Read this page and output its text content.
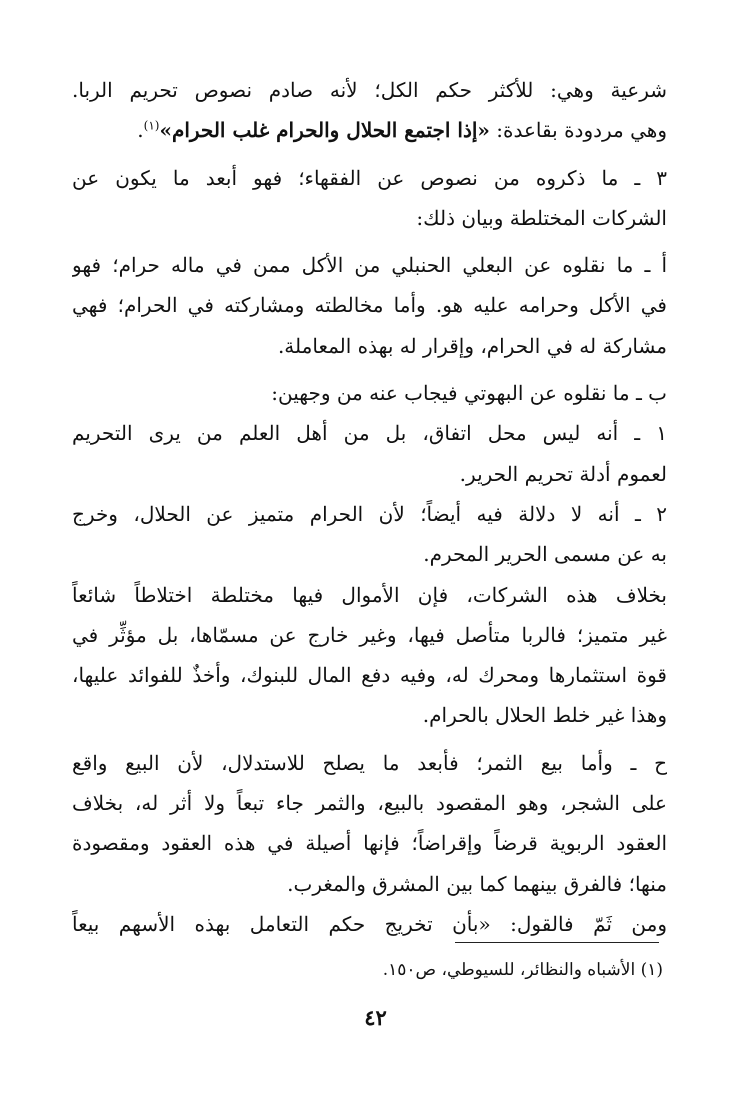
شرعية وهي: للأكثر حكم الكل؛ لأنه صادم نصوص تحريم الربا.
وهي مردودة بقاعدة: «إذا اجتمع الحلال والحرام غلب الحرام»$^{(١)}$.
٣ ـ ما ذكروه من نصوص عن الفقهاء؛ فهو أبعد ما يكون عن
الشركات المختلطة وبيان ذلك:
أ ـ ما نقلوه عن البعلي الحنبلي من الأكل ممن في ماله حرام؛ فهو
في الأكل وحرامه عليه هو. وأما مخالطته ومشاركته في الحرام؛ فهي
مشاركة له في الحرام، وإقرار له بهذه المعاملة.
ب ـ ما نقلوه عن البهوتي فيجاب عنه من وجهين:
١ ـ أنه ليس محل اتفاق، بل من أهل العلم من يرى التحريم
لعموم أدلة تحريم الحرير.
٢ ـ أنه لا دلالة فيه أيضاً؛ لأن الحرام متميز عن الحلال، وخرج
به عن مسمى الحرير المحرم.
بخلاف هذه الشركات، فإن الأموال فيها مختلطة اختلاطاً شائعاً
غير متميز؛ فالربا متأصل فيها، وغير خارج عن مسمّاها، بل مؤثِّر في
قوة استثمارها ومحرك له، وفيه دفع المال للبنوك، وأخذٌ للفوائد عليها،
وهذا غير خلط الحلال بالحرام.
ح ـ وأما بيع الثمر؛ فأبعد ما يصلح للاستدلال، لأن البيع واقع
على الشجر، وهو المقصود بالبيع، والثمر جاء تبعاً ولا أثر له، بخلاف
العقود الربوية قرضاً وإقراضاً؛ فإنها أصيلة في هذه العقود ومقصودة
منها؛ فالفرق بينهما كما بين المشرق والمغرب.
ومن ثَمّ فالقول: «بأن تخريج حكم التعامل بهذه الأسهم بيعاً
(١) الأشباه والنظائر، للسيوطي، ص١٥٠.
٤٢
